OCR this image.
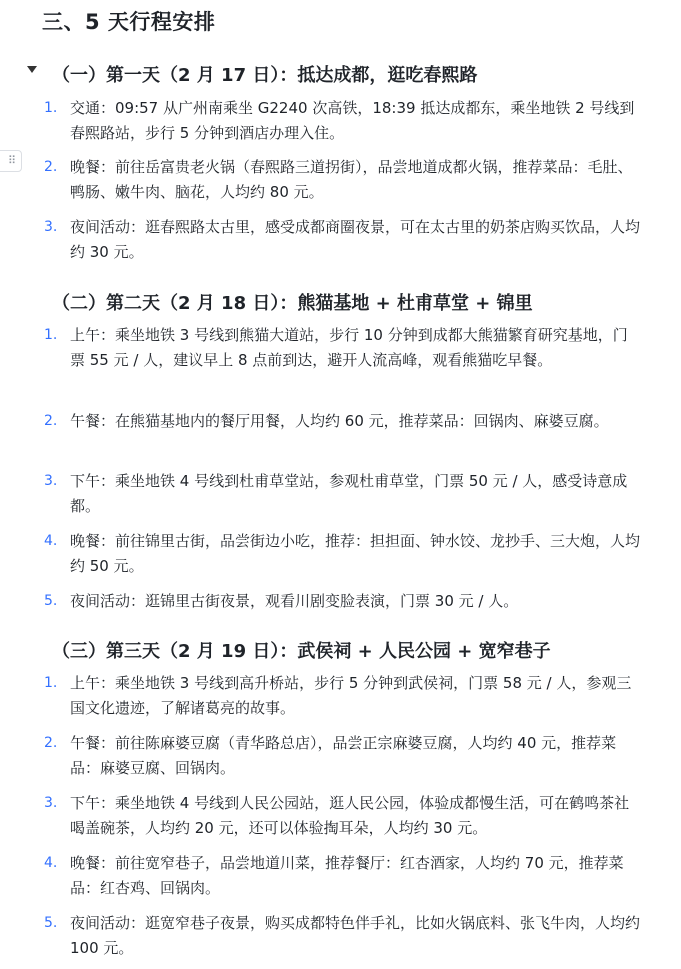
三、5 天行程安排
⠿
（一）第一天（2 月 17 日）：抵达成都，逛吃春熙路
1. 交通：09:57 从广州南乘坐 G2240 次高铁，18:39 抵达成都东，乘坐地铁 2 号线到春熙路站，步行 5 分钟到酒店办理入住。
2. 晚餐：前往岳富贵老火锅（春熙路三道拐街），品尝地道成都火锅，推荐菜品：毛肚、鸭肠、嫩牛肉、脑花，人均约 80 元。
3. 夜间活动：逛春熙路太古里，感受成都商圈夜景，可在太古里的奶茶店购买饮品，人均约 30 元。
（二）第二天（2 月 18 日）：熊猫基地 + 杜甫草堂 + 锦里
1. 上午：乘坐地铁 3 号线到熊猫大道站，步行 10 分钟到成都大熊猫繁育研究基地，门票 55 元 / 人，建议早上 8 点前到达，避开人流高峰，观看熊猫吃早餐。
2. 午餐：在熊猫基地内的餐厅用餐，人均约 60 元，推荐菜品：回锅肉、麻婆豆腐。
3. 下午：乘坐地铁 4 号线到杜甫草堂站，参观杜甫草堂，门票 50 元 / 人，感受诗意成都。
4. 晚餐：前往锦里古街，品尝街边小吃，推荐：担担面、钟水饺、龙抄手、三大炮，人均约 50 元。
5. 夜间活动：逛锦里古街夜景，观看川剧变脸表演，门票 30 元 / 人。
（三）第三天（2 月 19 日）：武侯祠 + 人民公园 + 宽窄巷子
1. 上午：乘坐地铁 3 号线到高升桥站，步行 5 分钟到武侯祠，门票 58 元 / 人，参观三国文化遗迹，了解诸葛亮的故事。
2. 午餐：前往陈麻婆豆腐（青华路总店），品尝正宗麻婆豆腐，人均约 40 元，推荐菜品：麻婆豆腐、回锅肉。
3. 下午：乘坐地铁 4 号线到人民公园站，逛人民公园，体验成都慢生活，可在鹤鸣茶社喝盖碗茶，人均约 20 元，还可以体验掏耳朵，人均约 30 元。
4. 晚餐：前往宽窄巷子，品尝地道川菜，推荐餐厅：红杏酒家，人均约 70 元，推荐菜品：红杏鸡、回锅肉。
5. 夜间活动：逛宽窄巷子夜景，购买成都特色伴手礼，比如火锅底料、张飞牛肉，人均约 100 元。
